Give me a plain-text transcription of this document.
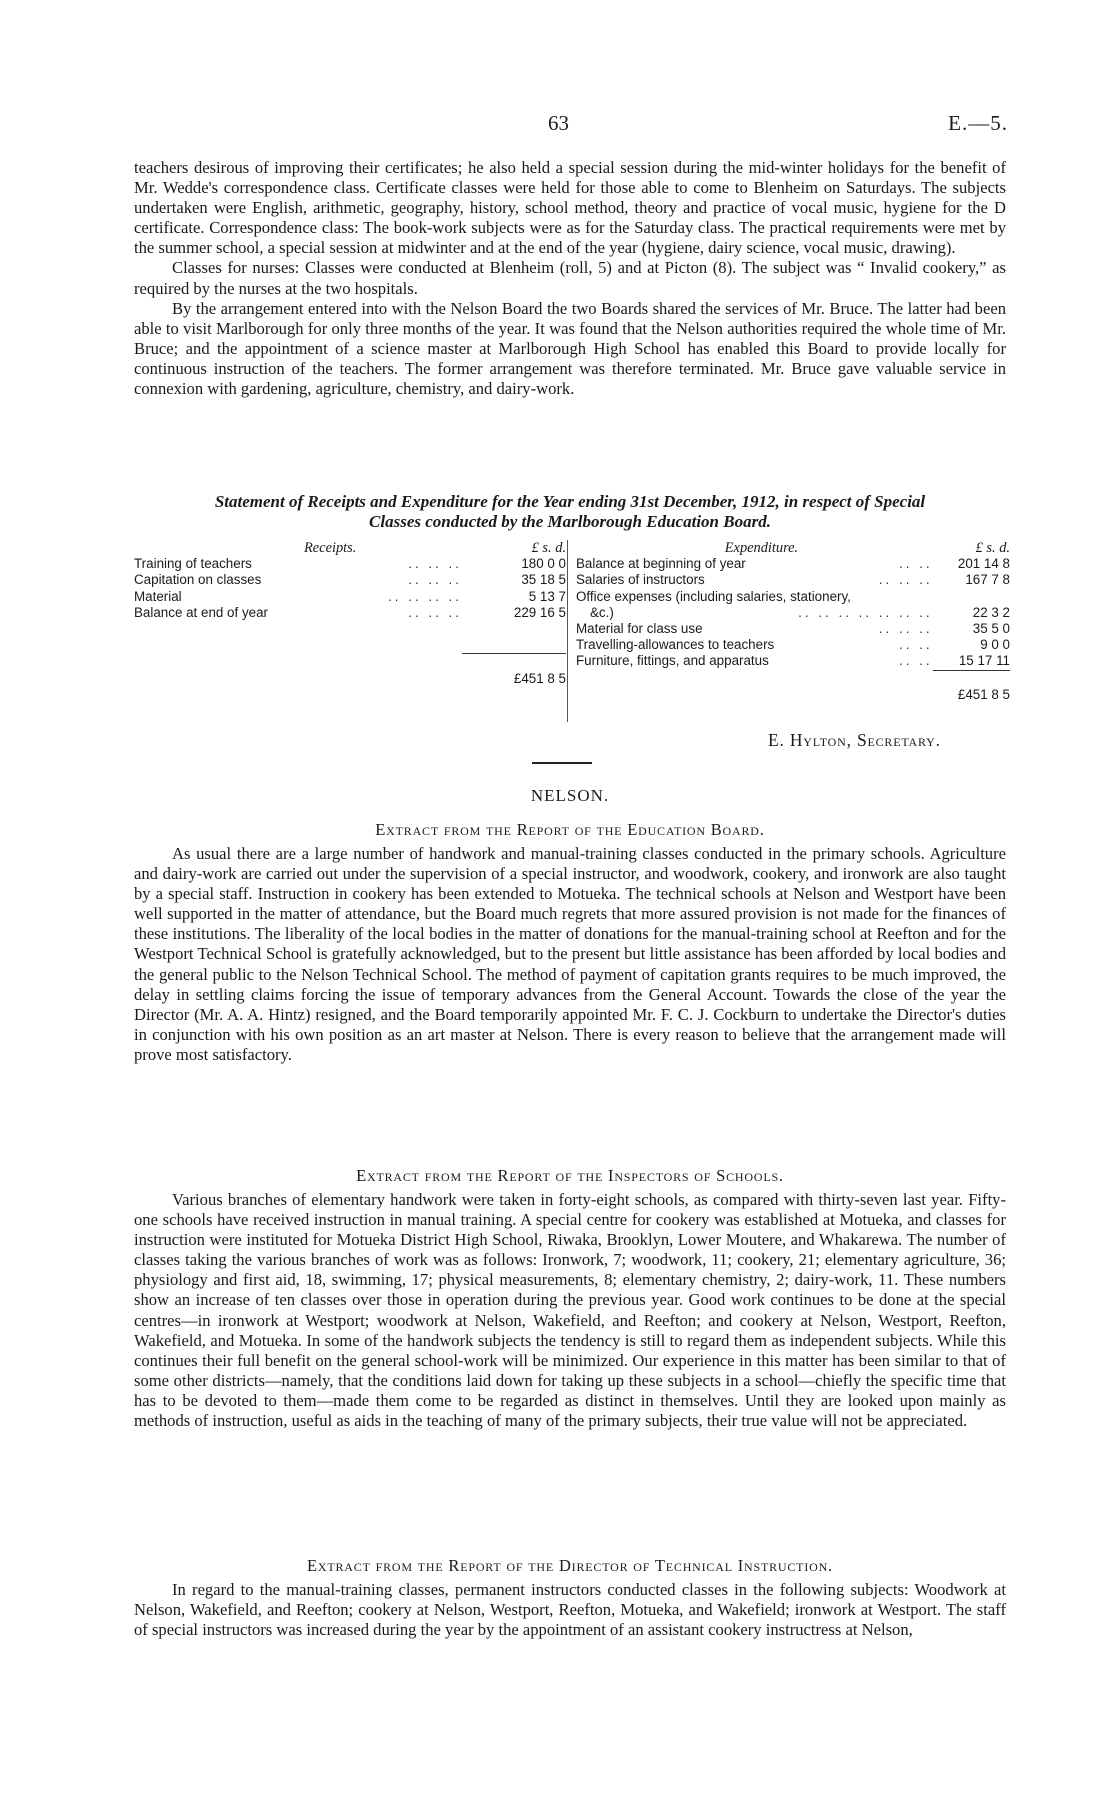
63	E.—5.

teachers desirous of improving their certificates; he also held a special session during the mid-winter holidays for the benefit of Mr. Wedde's correspondence class. Certificate classes were held for those able to come to Blenheim on Saturdays. The subjects undertaken were English, arithmetic, geography, history, school method, theory and practice of vocal music, hygiene for the D certificate. Correspondence class: The book-work subjects were as for the Saturday class. The practical requirements were met by the summer school, a special session at midwinter and at the end of the year (hygiene, dairy science, vocal music, drawing).

Classes for nurses: Classes were conducted at Blenheim (roll, 5) and at Picton (8). The subject was “ Invalid cookery,” as required by the nurses at the two hospitals.

By the arrangement entered into with the Nelson Board the two Boards shared the services of Mr. Bruce. The latter had been able to visit Marlborough for only three months of the year. It was found that the Nelson authorities required the whole time of Mr. Bruce; and the appointment of a science master at Marlborough High School has enabled this Board to provide locally for continuous instruction of the teachers. The former arrangement was therefore terminated. Mr. Bruce gave valuable service in connexion with gardening, agriculture, chemistry, and dairy-work.

Statement of Receipts and Expenditure for the Year ending 31st December, 1912, in respect of Special
Classes conducted by the Marlborough Education Board.
	Receipts.	£ s. d.
Training of teachers	.. .. ..	180 0 0
Capitation on classes	.. .. ..	35 18 5
Material	.. .. .. ..	5 13 7
Balance at end of year	.. .. ..	229 16 5

		£451 8 5
Expenditure.		£ s. d.
Balance at beginning of year	.. ..	201 14 8
Salaries of instructors	.. .. ..	167 7 8
Office expenses (including salaries, stationery,		
&c.)	.. .. .. .. .. .. ..	22 3 2
Material for class use	.. .. ..	35 5 0
Travelling-allowances to teachers	.. ..	9 0 0
Furniture, fittings, and apparatus	.. ..	15 17 11

		£451 8 5
E. Hylton, Secretary.
NELSON.
Extract from the Report of the Education Board.

As usual there are a large number of handwork and manual-training classes conducted in the primary schools. Agriculture and dairy-work are carried out under the supervision of a special instructor, and woodwork, cookery, and ironwork are also taught by a special staff. Instruction in cookery has been extended to Motueka. The technical schools at Nelson and Westport have been well supported in the matter of attendance, but the Board much regrets that more assured provision is not made for the finances of these institutions. The liberality of the local bodies in the matter of donations for the manual-training school at Reefton and for the Westport Technical School is gratefully acknowledged, but to the present but little assistance has been afforded by local bodies and the general public to the Nelson Technical School. The method of payment of capitation grants requires to be much improved, the delay in settling claims forcing the issue of temporary advances from the General Account. Towards the close of the year the Director (Mr. A. A. Hintz) resigned, and the Board temporarily appointed Mr. F. C. J. Cockburn to undertake the Director's duties in conjunction with his own position as an art master at Nelson. There is every reason to believe that the arrangement made will prove most satisfactory.

Extract from the Report of the Inspectors of Schools.

Various branches of elementary handwork were taken in forty-eight schools, as compared with thirty-seven last year. Fifty-one schools have received instruction in manual training. A special centre for cookery was established at Motueka, and classes for instruction were instituted for Motueka District High School, Riwaka, Brooklyn, Lower Moutere, and Whakarewa. The number of classes taking the various branches of work was as follows: Ironwork, 7; woodwork, 11; cookery, 21; elementary agriculture, 36; physiology and first aid, 18, swimming, 17; physical measurements, 8; elementary chemistry, 2; dairy-work, 11. These numbers show an increase of ten classes over those in operation during the previous year. Good work continues to be done at the special centres—in ironwork at Westport; woodwork at Nelson, Wakefield, and Reefton; and cookery at Nelson, Westport, Reefton, Wakefield, and Motueka. In some of the handwork subjects the tendency is still to regard them as independent subjects. While this continues their full benefit on the general school-work will be minimized. Our experience in this matter has been similar to that of some other districts—namely, that the conditions laid down for taking up these subjects in a school—chiefly the specific time that has to be devoted to them—made them come to be regarded as distinct in themselves. Until they are looked upon mainly as methods of instruction, useful as aids in the teaching of many of the primary subjects, their true value will not be appreciated.

Extract from the Report of the Director of Technical Instruction.

In regard to the manual-training classes, permanent instructors conducted classes in the following subjects: Woodwork at Nelson, Wakefield, and Reefton; cookery at Nelson, Westport, Reefton, Motueka, and Wakefield; ironwork at Westport. The staff of special instructors was increased during the year by the appointment of an assistant cookery instructress at Nelson,
